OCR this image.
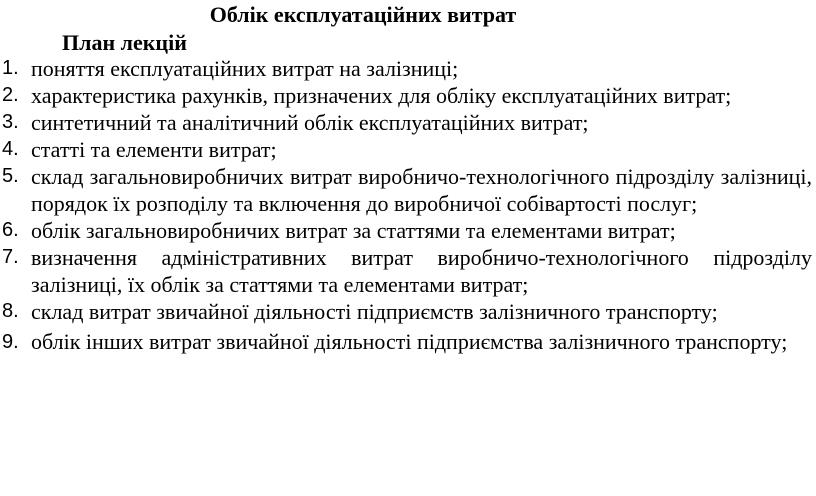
Облік експлуатаційних витрат
План лекцій
1. поняття експлуатаційних витрат на залізниці;
2. характеристика рахунків, призначених для обліку експлуатаційних витрат;
3. синтетичний та аналітичний облік експлуатаційних витрат;
4. статті та елементи витрат;
5. склад загальновиробничих витрат виробничо-технологічного підрозділу залізниці, порядок їх розподілу та включення до виробничої собівартості послуг;
6. облік загальновиробничих витрат за статтями та елементами витрат;
7. визначення адміністративних витрат виробничо-технологічного підрозділу залізниці, їх облік за статтями та елементами витрат;
8. склад витрат звичайної діяльності підприємств залізничного транспорту;
9. облік інших витрат звичайної діяльності підприємства залізничного транспорту;
